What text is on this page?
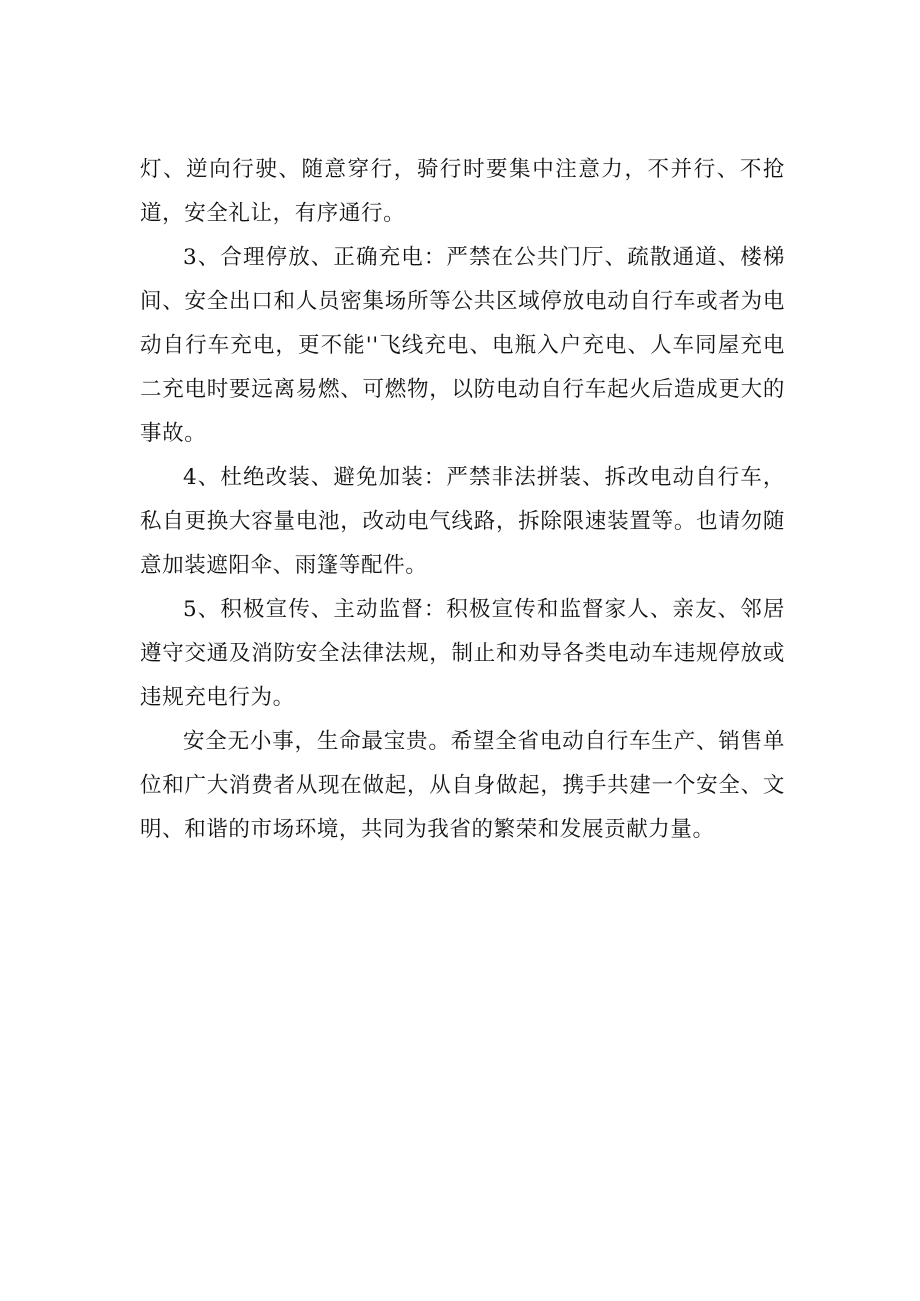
灯、逆向行驶、随意穿行，骑行时要集中注意力，不并行、不抢道，安全礼让，有序通行。

3、合理停放、正确充电：严禁在公共门厅、疏散通道、楼梯间、安全出口和人员密集场所等公共区域停放电动自行车或者为电动自行车充电，更不能''飞线充电、电瓶入户充电、人车同屋充电二充电时要远离易燃、可燃物，以防电动自行车起火后造成更大的事故。

4、杜绝改装、避免加装：严禁非法拼装、拆改电动自行车，私自更换大容量电池，改动电气线路，拆除限速装置等。也请勿随意加装遮阳伞、雨篷等配件。

5、积极宣传、主动监督：积极宣传和监督家人、亲友、邻居遵守交通及消防安全法律法规，制止和劝导各类电动车违规停放或违规充电行为。

安全无小事，生命最宝贵。希望全省电动自行车生产、销售单位和广大消费者从现在做起，从自身做起，携手共建一个安全、文明、和谐的市场环境，共同为我省的繁荣和发展贡献力量。
